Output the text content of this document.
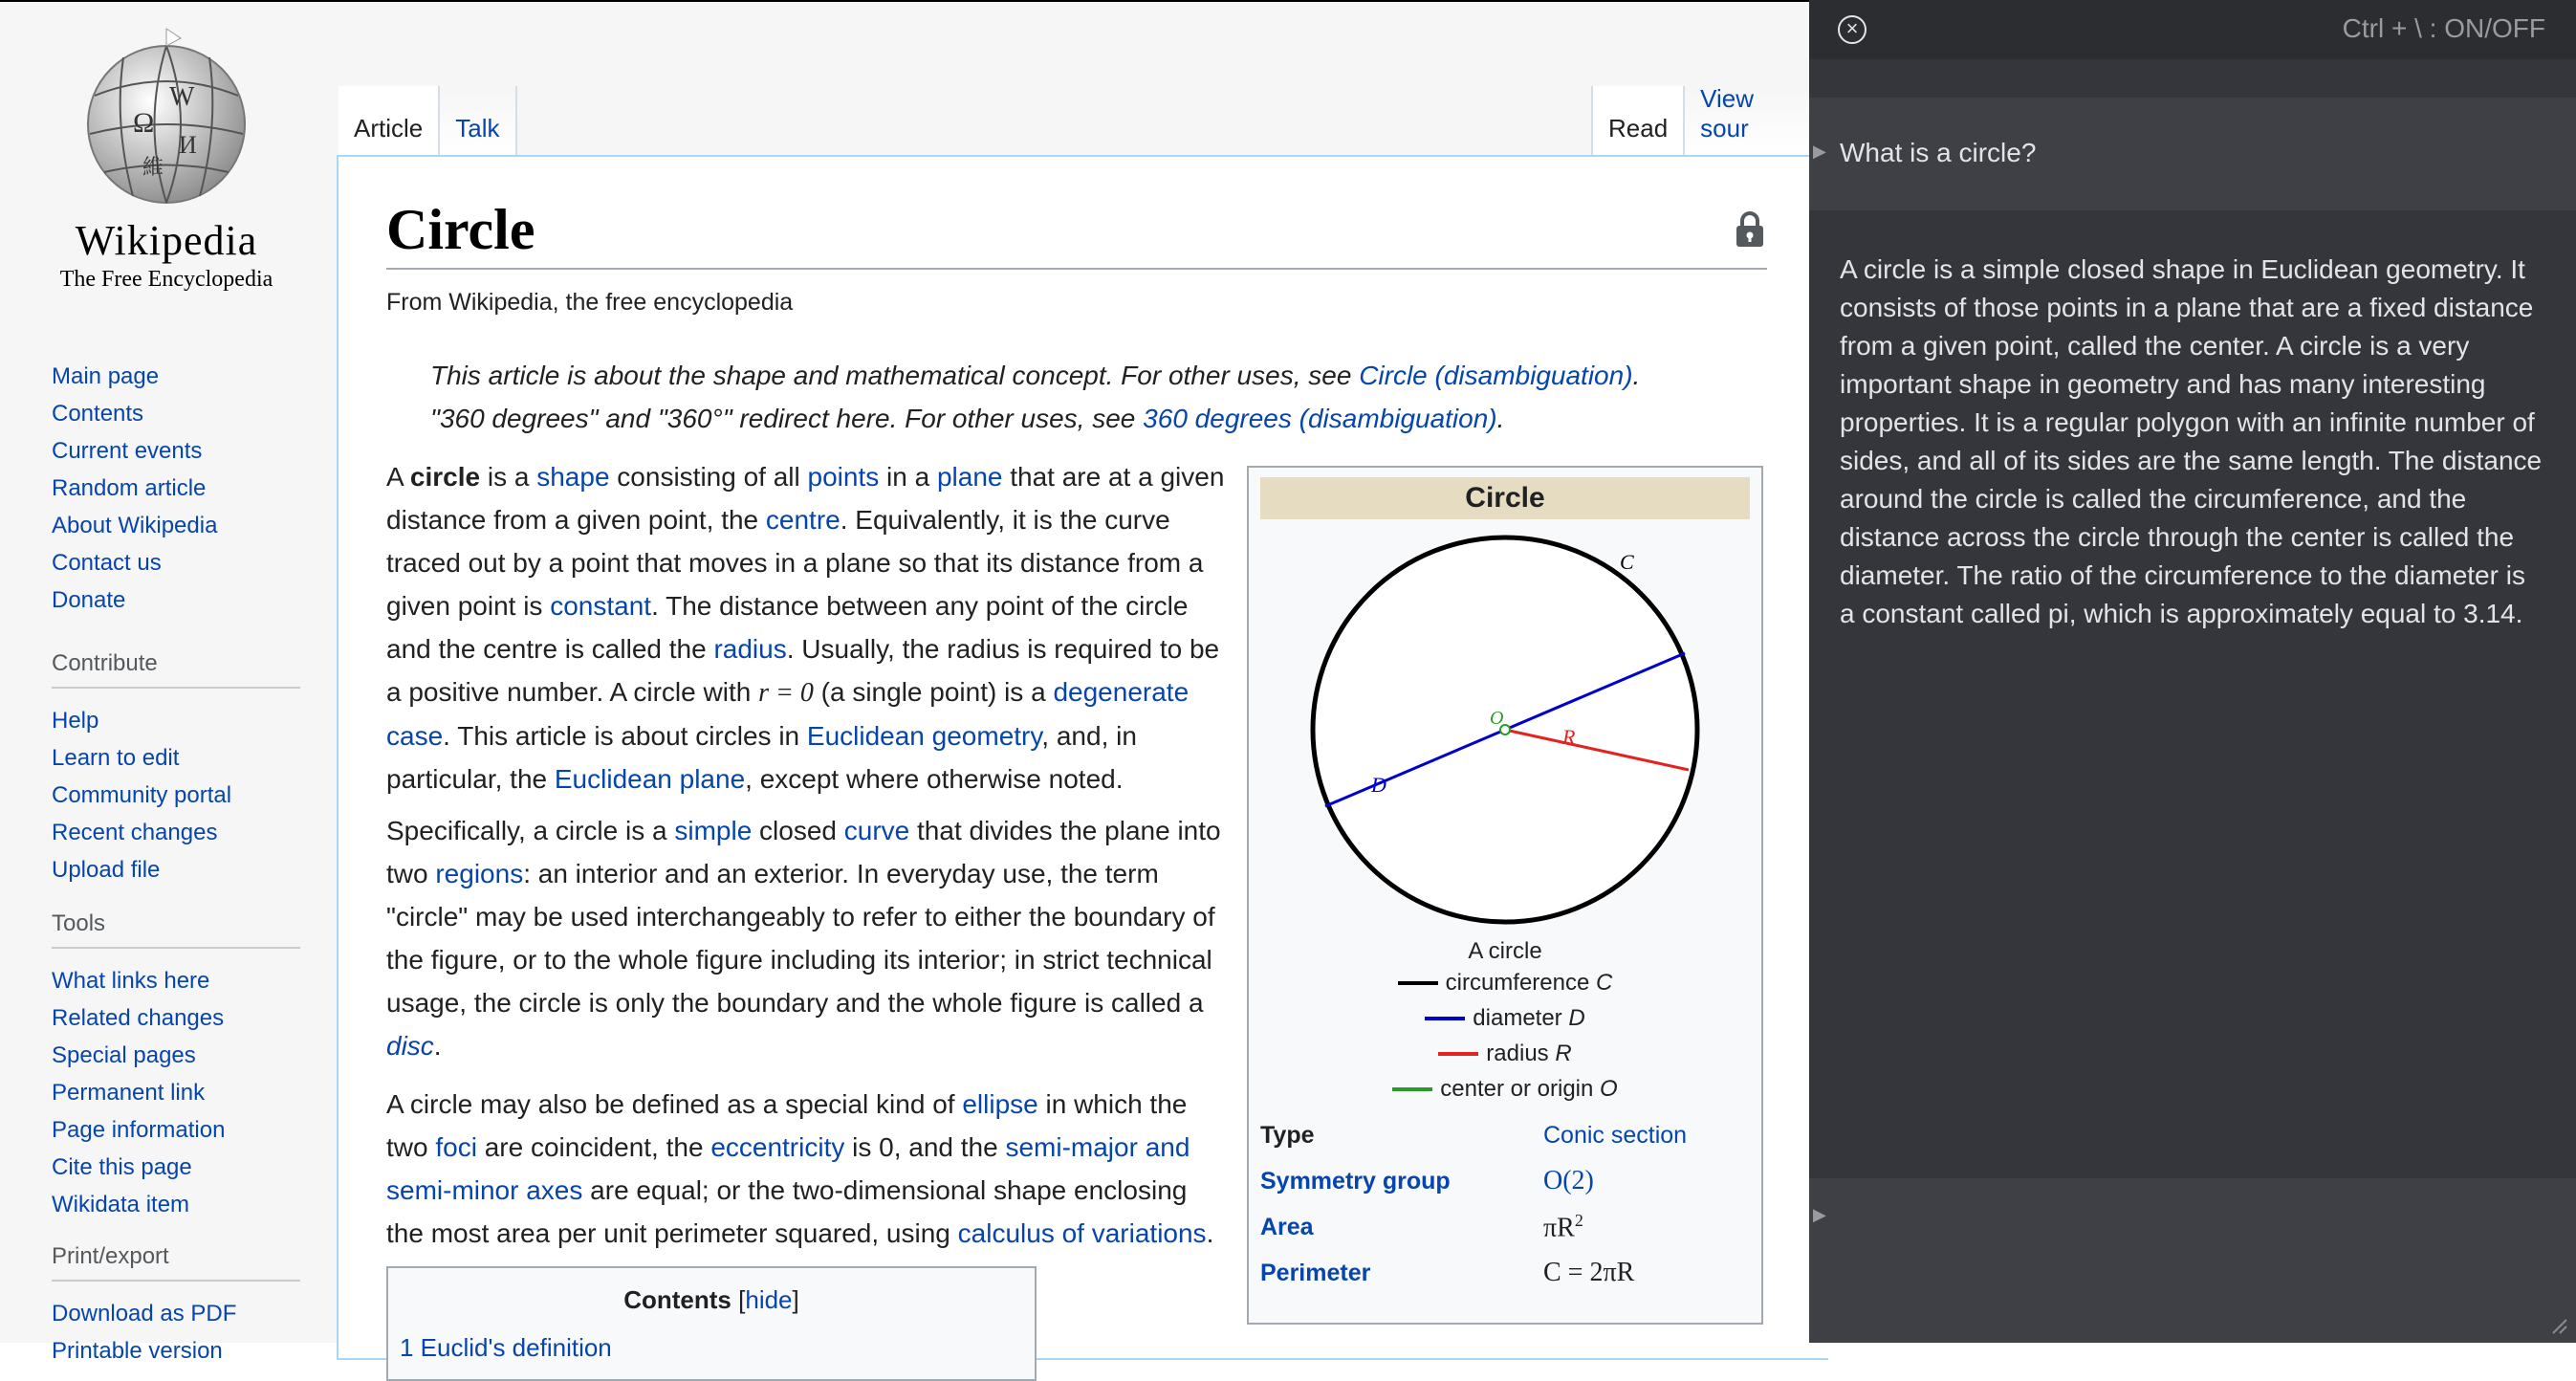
Ω
W
И
維
Wikipedia
The Free Encyclopedia
Main page
Contents
Current events
Random article
About Wikipedia
Contact us
Donate
Contribute
Help
Learn to edit
Community portal
Recent changes
Upload file
Tools
What links here
Related changes
Special pages
Permanent link
Page information
Cite this page
Wikidata item
Print/export
Download as PDF
Printable version
Article	Talk	Read
View sour
Circle
From Wikipedia, the free encyclopedia
This article is about the shape and mathematical concept. For other uses, see Circle (disambiguation).
"360 degrees" and "360°" redirect here. For other uses, see 360 degrees (disambiguation).

A circle is a shape consisting of all points in a plane that are at a given distance from a given point, the centre. Equivalently, it is the curve traced out by a point that moves in a plane so that its distance from a given point is constant. The distance between any point of the circle and the centre is called the radius. Usually, the radius is required to be a positive number. A circle with r = 0 (a single point) is a degenerate case. This article is about circles in Euclidean geometry, and, in particular, the Euclidean plane, except where otherwise noted.

Specifically, a circle is a simple closed curve that divides the plane into two regions: an interior and an exterior. In everyday use, the term "circle" may be used interchangeably to refer to either the boundary of the figure, or to the whole figure including its interior; in strict technical usage, the circle is only the boundary and the whole figure is called a disc.

A circle may also be defined as a special kind of ellipse in which the two foci are coincident, the eccentricity is 0, and the semi-major and semi-minor axes are equal; or the two-dimensional shape enclosing the most area per unit perimeter squared, using calculus of variations.

Circle
C
O
R
D
A circle
circumference
C
diameter
D
radius
R
center or origin
O
Type	Conic section
Symmetry group	O(2)
Area	$\pi R^2$
Perimeter	C = 2πR
Contents [hide]
1 Euclid's definition
×	Ctrl + \ : ON/OFF
▶ What is a circle?
A circle is a simple closed shape in Euclidean geometry. It consists of those points in a plane that are a fixed distance from a given point, called the center. A circle is a very important shape in geometry and has many interesting properties. It is a regular polygon with an infinite number of sides, and all of its sides are the same length. The distance around the circle is called the circumference, and the distance across the circle through the center is called the diameter. The ratio of the circumference to the diameter is a constant called pi, which is approximately equal to 3.14.
▶
